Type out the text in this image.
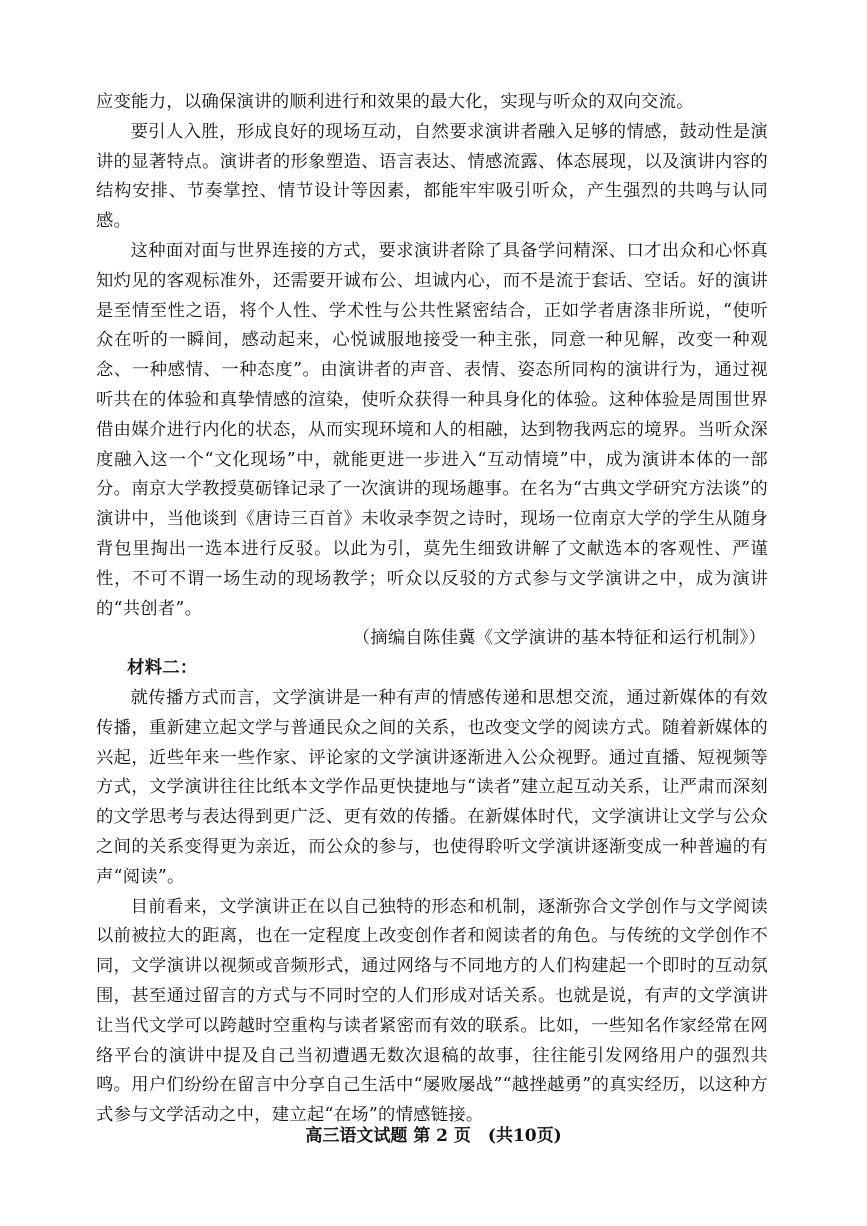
应变能力，以确保演讲的顺利进行和效果的最大化，实现与听众的双向交流。

要引人入胜，形成良好的现场互动，自然要求演讲者融入足够的情感，鼓动性是演讲的显著特点。演讲者的形象塑造、语言表达、情感流露、体态展现，以及演讲内容的结构安排、节奏掌控、情节设计等因素，都能牢牢吸引听众，产生强烈的共鸣与认同感。

这种面对面与世界连接的方式，要求演讲者除了具备学问精深、口才出众和心怀真知灼见的客观标准外，还需要开诚布公、坦诚内心，而不是流于套话、空话。好的演讲是至情至性之语，将个人性、学术性与公共性紧密结合，正如学者唐涤非所说，“使听众在听的一瞬间，感动起来，心悦诚服地接受一种主张，同意一种见解，改变一种观念、一种感情、一种态度”。由演讲者的声音、表情、姿态所同构的演讲行为，通过视听共在的体验和真挚情感的渲染，使听众获得一种具身化的体验。这种体验是周围世界借由媒介进行内化的状态，从而实现环境和人的相融，达到物我两忘的境界。当听众深度融入这一个“文化现场”中，就能更进一步进入“互动情境”中，成为演讲本体的一部分。南京大学教授莫砺锋记录了一次演讲的现场趣事。在名为“古典文学研究方法谈”的演讲中，当他谈到《唐诗三百首》未收录李贺之诗时，现场一位南京大学的学生从随身背包里掏出一选本进行反驳。以此为引，莫先生细致讲解了文献选本的客观性、严谨性，不可不谓一场生动的现场教学；听众以反驳的方式参与文学演讲之中，成为演讲的“共创者”。

（摘编自陈佳冀《文学演讲的基本特征和运行机制》）

材料二：

就传播方式而言，文学演讲是一种有声的情感传递和思想交流，通过新媒体的有效传播，重新建立起文学与普通民众之间的关系，也改变文学的阅读方式。随着新媒体的兴起，近些年来一些作家、评论家的文学演讲逐渐进入公众视野。通过直播、短视频等方式，文学演讲往往比纸本文学作品更快捷地与“读者”建立起互动关系，让严肃而深刻的文学思考与表达得到更广泛、更有效的传播。在新媒体时代，文学演讲让文学与公众之间的关系变得更为亲近，而公众的参与，也使得聆听文学演讲逐渐变成一种普遍的有声“阅读”。

目前看来，文学演讲正在以自己独特的形态和机制，逐渐弥合文学创作与文学阅读以前被拉大的距离，也在一定程度上改变创作者和阅读者的角色。与传统的文学创作不同，文学演讲以视频或音频形式，通过网络与不同地方的人们构建起一个即时的互动氛围，甚至通过留言的方式与不同时空的人们形成对话关系。也就是说，有声的文学演讲让当代文学可以跨越时空重构与读者紧密而有效的联系。比如，一些知名作家经常在网络平台的演讲中提及自己当初遭遇无数次退稿的故事，往往能引发网络用户的强烈共鸣。用户们纷纷在留言中分享自己生活中“屡败屡战”“越挫越勇”的真实经历，以这种方式参与文学活动之中，建立起“在场”的情感链接。

高三语文试题 第 2 页　(共10页)
